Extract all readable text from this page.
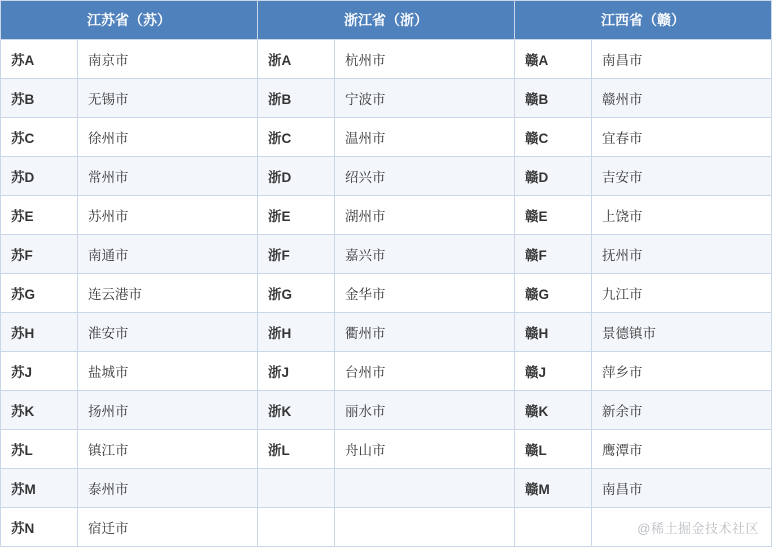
江苏省（苏）		浙江省（浙）		江西省（赣）	
苏A	南京市	浙A	杭州市	赣A	南昌市
苏B	无锡市	浙B	宁波市	赣B	赣州市
苏C	徐州市	浙C	温州市	赣C	宜春市
苏D	常州市	浙D	绍兴市	赣D	吉安市
苏E	苏州市	浙E	湖州市	赣E	上饶市
苏F	南通市	浙F	嘉兴市	赣F	抚州市
苏G	连云港市	浙G	金华市	赣G	九江市
苏H	淮安市	浙H	衢州市	赣H	景德镇市
苏J	盐城市	浙J	台州市	赣J	萍乡市
苏K	扬州市	浙K	丽水市	赣K	新余市
苏L	镇江市	浙L	舟山市	赣L	鹰潭市
苏M	泰州市			赣M	南昌市
苏N	宿迁市					@稀土掘金技术社区
